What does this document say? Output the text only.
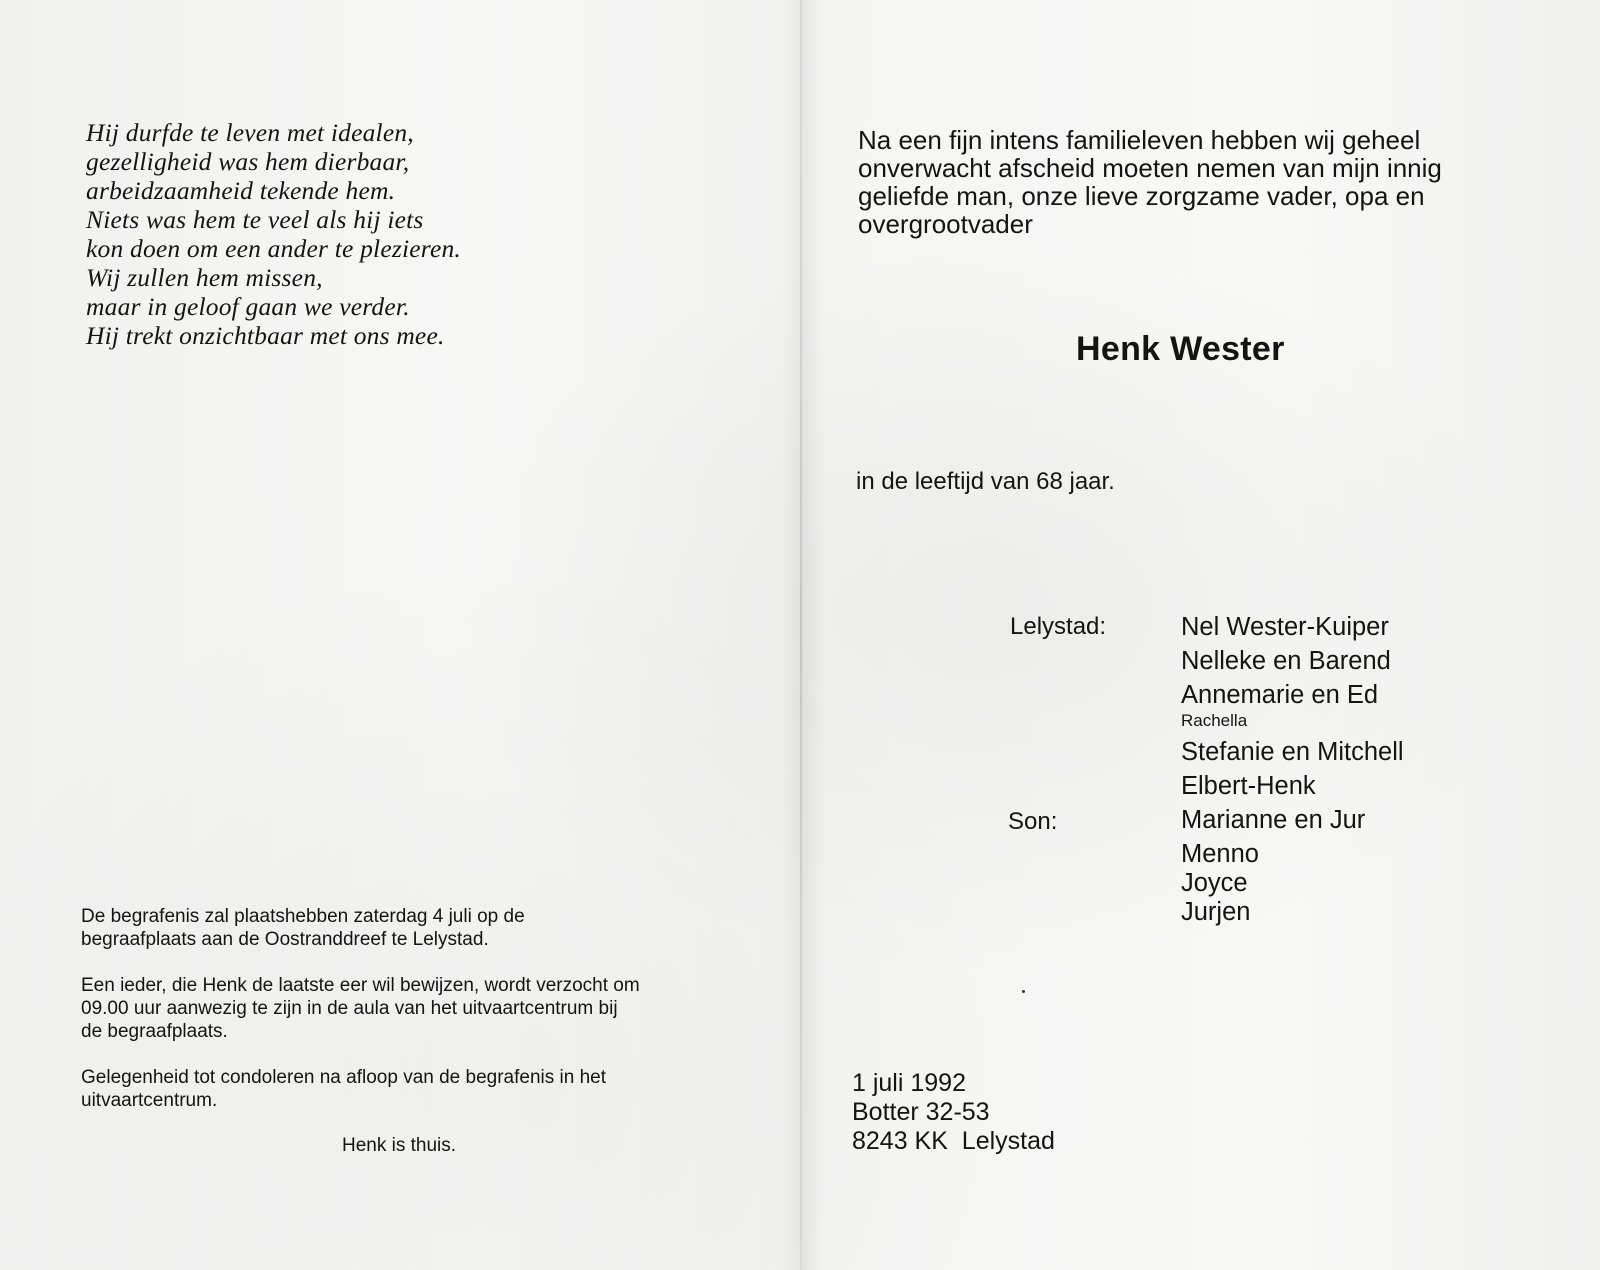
Hij durfde te leven met idealen,
gezelligheid was hem dierbaar,
arbeidzaamheid tekende hem.
Niets was hem te veel als hij iets
kon doen om een ander te plezieren.
Wij zullen hem missen,
maar in geloof gaan we verder.
Hij trekt onzichtbaar met ons mee.

De begrafenis zal plaatshebben zaterdag 4 juli op de
begraafplaats aan de Oostranddreef te Lelystad.

Een ieder, die Henk de laatste eer wil bewijzen, wordt verzocht om
09.00 uur aanwezig te zijn in de aula van het uitvaartcentrum bij
de begraafplaats.

Gelegenheid tot condoleren na afloop van de begrafenis in het
uitvaartcentrum.

Henk is thuis.
Na een fijn intens familieleven hebben wij geheel
onverwacht afscheid moeten nemen van mijn innig
geliefde man, onze lieve zorgzame vader, opa en
overgrootvader
Henk Wester
in de leeftijd van 68 jaar.
Lelystad:
Son:
Nel Wester-Kuiper
Nelleke en Barend
Annemarie en Ed
Rachella
Stefanie en Mitchell
Elbert-Henk
Marianne en Jur
Menno
Joyce
Jurjen
1 juli 1992
Botter 32-53
8243 KK  Lelystad
